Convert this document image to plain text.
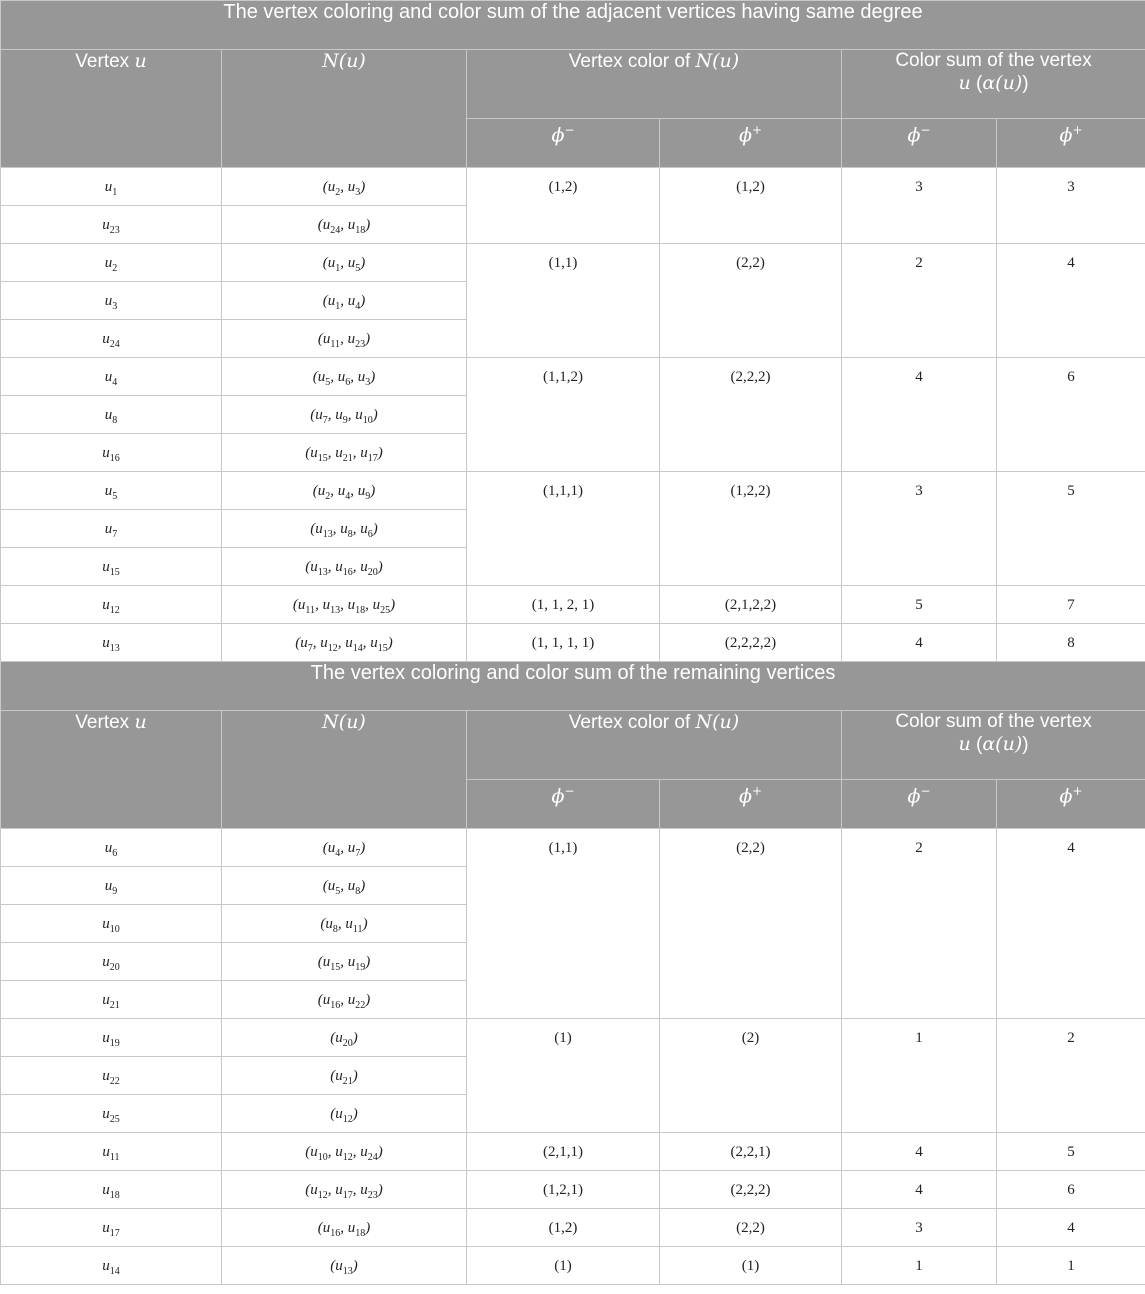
The vertex coloring and color sum of the adjacent vertices having same degree					
Vertex u	N(u)	Vertex color of N(u)		Color sum of the vertex
u (α(u))	

		ϕ−	ϕ+	ϕ−	ϕ+
$u_1$	($u_2$, $u_3$)	(1,2)	(1,2)	3	3
$u_{23}$	($u_{24}$, $u_{18}$)				
$u_2$	($u_1$, $u_5$)	(1,1)	(2,2)	2	4
$u_3$	($u_1$, $u_4$)				
$u_{24}$	($u_{11}$, $u_{23}$)				
$u_4$	($u_5$, $u_6$, $u_3$)	(1,1,2)	(2,2,2)	4	6
$u_8$	($u_7$, $u_9$, $u_{10}$)				
$u_{16}$	($u_{15}$, $u_{21}$, $u_{17}$)				
$u_5$	($u_2$, $u_4$, $u_9$)	(1,1,1)	(1,2,2)	3	5
$u_7$	($u_{13}$, $u_8$, $u_6$)				
$u_{15}$	($u_{13}$, $u_{16}$, $u_{20}$)				
$u_{12}$	($u_{11}$, $u_{13}$, $u_{18}$, $u_{25}$)	(1, 1, 2, 1)	(2,1,2,2)	5	7
$u_{13}$	($u_7$, $u_{12}$, $u_{14}$, $u_{15}$)	(1, 1, 1, 1)	(2,2,2,2)	4	8
The vertex coloring and color sum of the remaining vertices					
Vertex u	N(u)	Vertex color of N(u)		Color sum of the vertex
u (α(u))	

		ϕ−	ϕ+	ϕ−	ϕ+
$u_6$	($u_4$, $u_7$)	(1,1)	(2,2)	2	4
$u_9$	($u_5$, $u_8$)				
$u_{10}$	($u_8$, $u_{11}$)				
$u_{20}$	($u_{15}$, $u_{19}$)				
$u_{21}$	($u_{16}$, $u_{22}$)				
$u_{19}$	$(u_{20})$	(1)	(2)	1	2
$u_{22}$	$(u_{21})$				
$u_{25}$	$(u_{12})$				
$u_{11}$	($u_{10}$, $u_{12}$, $u_{24}$)	(2,1,1)	(2,2,1)	4	5
$u_{18}$	($u_{12}$, $u_{17}$, $u_{23}$)	(1,2,1)	(2,2,2)	4	6
$u_{17}$	($u_{16}$, $u_{18}$)	(1,2)	(2,2)	3	4
$u_{14}$	$(u_{13})$	(1)	(1)	1	1
